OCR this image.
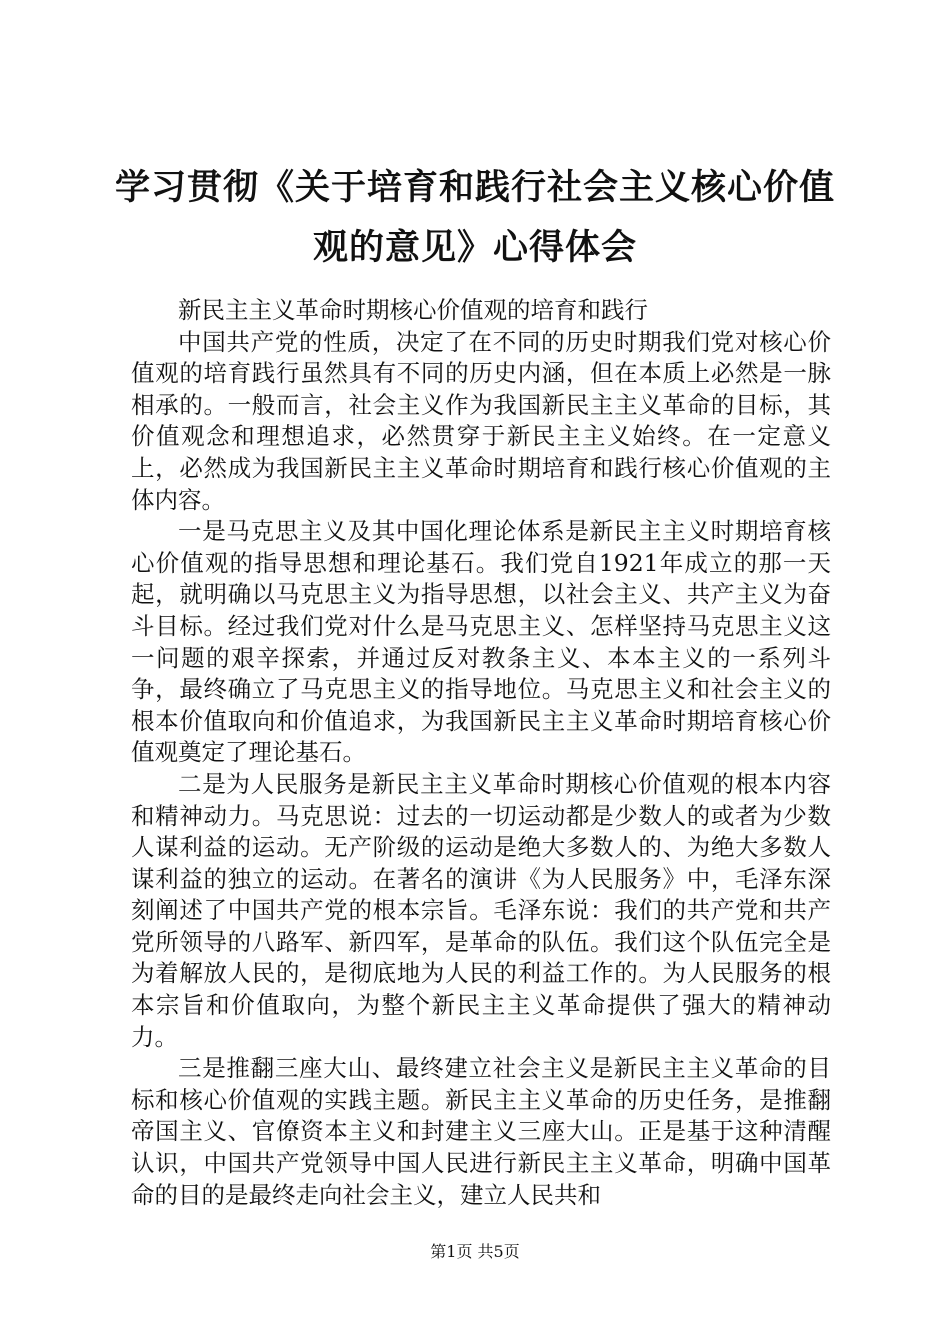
学习贯彻《关于培育和践行社会主义核心价值
观的意见》心得体会

新民主主义革命时期核心价值观的培育和践行

中国共产党的性质，决定了在不同的历史时期我们党对核心价值观的培育践行虽然具有不同的历史内涵，但在本质上必然是一脉相承的。一般而言，社会主义作为我国新民主主义革命的目标，其价值观念和理想追求，必然贯穿于新民主主义始终。在一定意义上，必然成为我国新民主主义革命时期培育和践行核心价值观的主体内容。

一是马克思主义及其中国化理论体系是新民主主义时期培育核心价值观的指导思想和理论基石。我们党自1921年成立的那一天起，就明确以马克思主义为指导思想，以社会主义、共产主义为奋斗目标。经过我们党对什么是马克思主义、怎样坚持马克思主义这一问题的艰辛探索，并通过反对教条主义、本本主义的一系列斗争，最终确立了马克思主义的指导地位。马克思主义和社会主义的根本价值取向和价值追求，为我国新民主主义革命时期培育核心价值观奠定了理论基石。

二是为人民服务是新民主主义革命时期核心价值观的根本内容和精神动力。马克思说：过去的一切运动都是少数人的或者为少数人谋利益的运动。无产阶级的运动是绝大多数人的、为绝大多数人谋利益的独立的运动。在著名的演讲《为人民服务》中，毛泽东深刻阐述了中国共产党的根本宗旨。毛泽东说：我们的共产党和共产党所领导的八路军、新四军，是革命的队伍。我们这个队伍完全是为着解放人民的，是彻底地为人民的利益工作的。为人民服务的根本宗旨和价值取向，为整个新民主主义革命提供了强大的精神动力。

三是推翻三座大山、最终建立社会主义是新民主主义革命的目标和核心价值观的实践主题。新民主主义革命的历史任务，是推翻帝国主义、官僚资本主义和封建主义三座大山。正是基于这种清醒认识，中国共产党领导中国人民进行新民主主义革命，明确中国革命的目的是最终走向社会主义，建立人民共和

第1页 共5页
